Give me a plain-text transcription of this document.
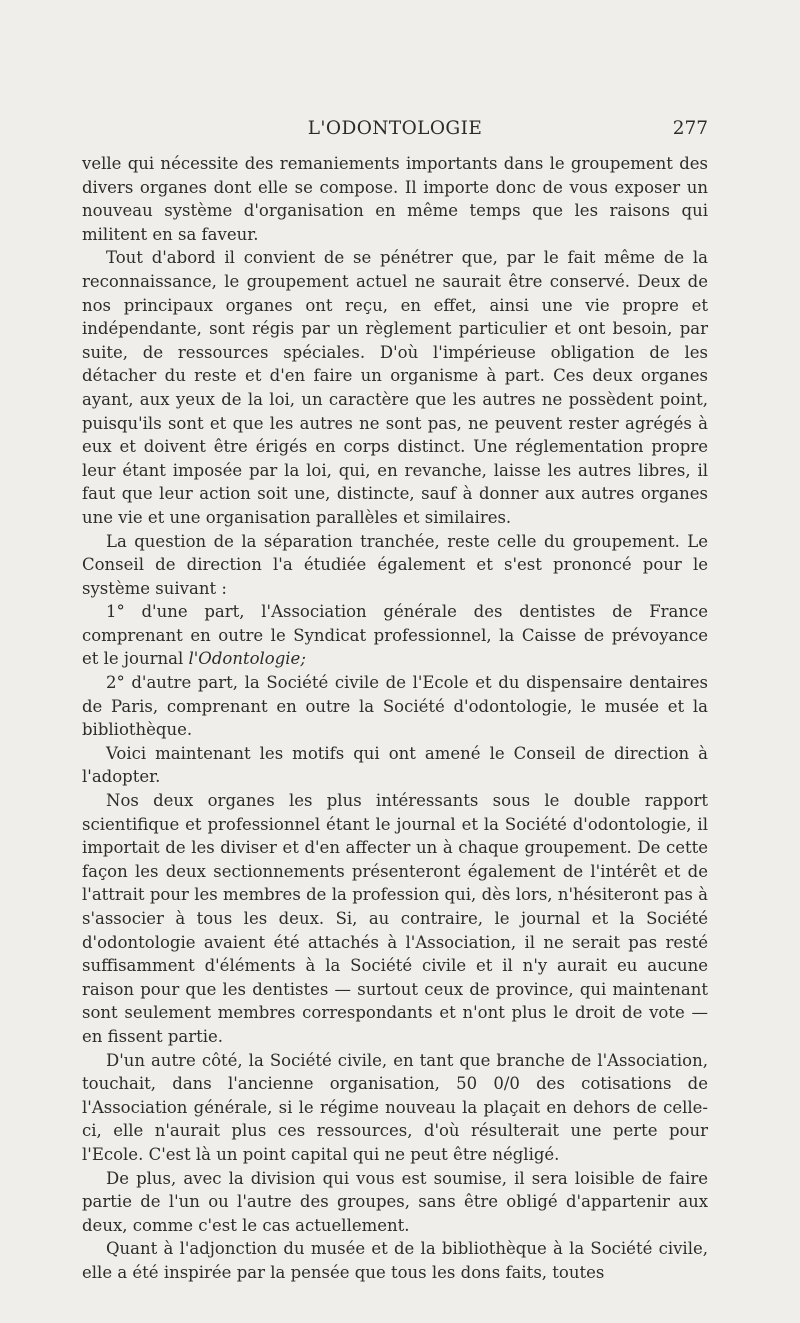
L'ODONTOLOGIE	277

velle qui nécessite des remaniements importants dans le groupement des divers organes dont elle se compose. Il importe donc de vous exposer un nouveau système d'organisation en même temps que les raisons qui militent en sa faveur.

Tout d'abord il convient de se pénétrer que, par le fait même de la reconnaissance, le groupement actuel ne saurait être conservé. Deux de nos principaux organes ont reçu, en effet, ainsi une vie propre et indépendante, sont régis par un règlement particulier et ont besoin, par suite, de ressources spéciales. D'où l'impérieuse obligation de les détacher du reste et d'en faire un organisme à part. Ces deux organes ayant, aux yeux de la loi, un caractère que les autres ne possèdent point, puisqu'ils sont et que les autres ne sont pas, ne peuvent rester agrégés à eux et doivent être érigés en corps distinct. Une réglementation propre leur étant imposée par la loi, qui, en revanche, laisse les autres libres, il faut que leur action soit une, distincte, sauf à donner aux autres organes une vie et une organisation parallèles et similaires.

La question de la séparation tranchée, reste celle du groupement. Le Conseil de direction l'a étudiée également et s'est prononcé pour le système suivant :

1° d'une part, l'Association générale des dentistes de France comprenant en outre le Syndicat professionnel, la Caisse de prévoyance et le journal l'Odontologie;

2° d'autre part, la Société civile de l'Ecole et du dispensaire dentaires de Paris, comprenant en outre la Société d'odontologie, le musée et la bibliothèque.

Voici maintenant les motifs qui ont amené le Conseil de direction à l'adopter.

Nos deux organes les plus intéressants sous le double rapport scientifique et professionnel étant le journal et la Société d'odontologie, il importait de les diviser et d'en affecter un à chaque groupement. De cette façon les deux sectionnements présenteront également de l'intérêt et de l'attrait pour les membres de la profession qui, dès lors, n'hésiteront pas à s'associer à tous les deux. Si, au contraire, le journal et la Société d'odontologie avaient été attachés à l'Association, il ne serait pas resté suffisamment d'éléments à la Société civile et il n'y aurait eu aucune raison pour que les dentistes — surtout ceux de province, qui maintenant sont seulement membres correspondants et n'ont plus le droit de vote — en fissent partie.

D'un autre côté, la Société civile, en tant que branche de l'Association, touchait, dans l'ancienne organisation, 50 0/0 des cotisations de l'Association générale, si le régime nouveau la plaçait en dehors de celle-ci, elle n'aurait plus ces ressources, d'où résulterait une perte pour l'Ecole. C'est là un point capital qui ne peut être négligé.

De plus, avec la division qui vous est soumise, il sera loisible de faire partie de l'un ou l'autre des groupes, sans être obligé d'appartenir aux deux, comme c'est le cas actuellement.

Quant à l'adjonction du musée et de la bibliothèque à la Société civile, elle a été inspirée par la pensée que tous les dons faits, toutes
